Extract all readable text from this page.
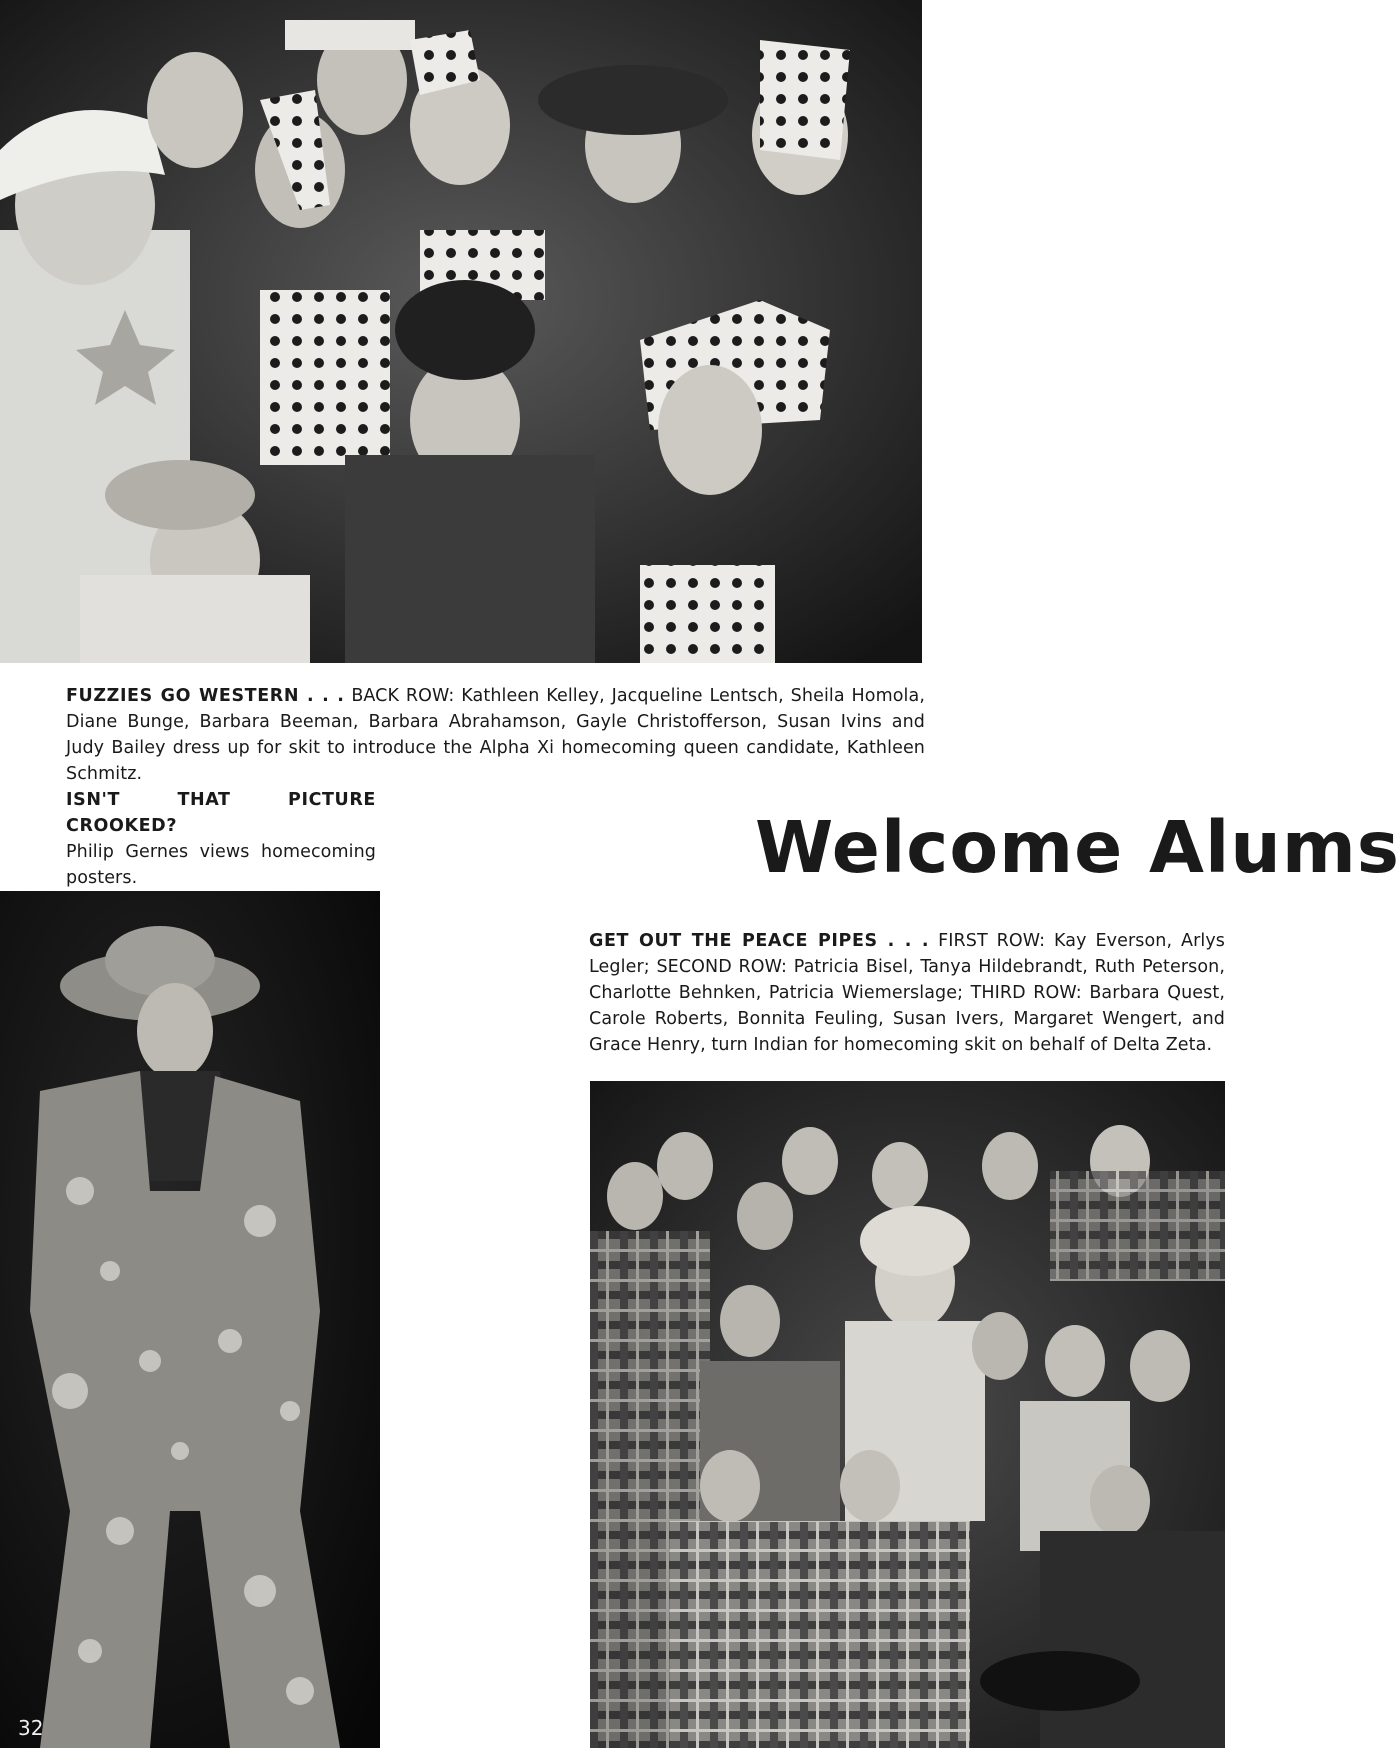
FUZZIES GO WESTERN . . . BACK ROW: Kathleen Kelley, Jacqueline Lentsch, Sheila Homola, Diane Bunge, Barbara Beeman, Barbara Abrahamson, Gayle Christofferson, Susan Ivins and Judy Bailey dress up for skit to introduce the Alpha Xi homecoming queen candidate, Kathleen Schmitz.
ISN'T THAT PICTURE CROOKED?
Philip Gernes views homecoming posters.	Welcome Alums
GET OUT THE PEACE PIPES . . . FIRST ROW: Kay Everson, Arlys Legler; SECOND ROW: Patricia Bisel, Tanya Hildebrandt, Ruth Peterson, Charlotte Behnken, Patricia Wiemerslage; THIRD ROW: Barbara Quest, Carole Roberts, Bonnita Feuling, Susan Ivers, Margaret Wengert, and Grace Henry, turn Indian for homecoming skit on behalf of Delta Zeta.
32
